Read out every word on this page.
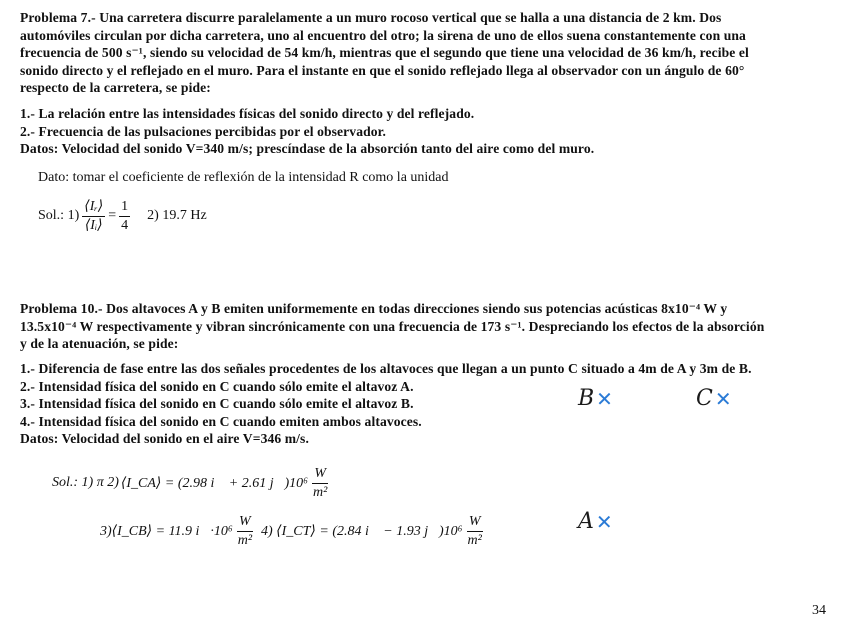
Problema 7.- Una carretera discurre paralelamente a un muro rocoso vertical que se halla a una distancia de 2 km. Dos
automóviles circulan por dicha carretera, uno al encuentro del otro; la sirena de uno de ellos suena constantemente con una
frecuencia de 500 s⁻¹, siendo su velocidad de 54 km/h, mientras que el segundo que tiene una velocidad de 36 km/h, recibe el
sonido directo y el reflejado en el muro. Para el instante en que el sonido reflejado llega al observador con un ángulo de 60°
respecto de la carretera, se pide:
1.- La relación entre las intensidades físicas del sonido directo y del reflejado.
2.- Frecuencia de las pulsaciones percibidas por el observador.
Datos: Velocidad del sonido V=340 m/s; prescíndase de la absorción tanto del aire como del muro.
Dato: tomar el coeficiente de reflexión de la intensidad R como la unidad
Sol.: $1) \frac{\text{⟨Iᵣ⟩}}{\text{⟨Iᵢ⟩}} = \frac{1}{4} 2$) 19.7 Hz
Problema 10.- Dos altavoces A y B emiten uniformemente en todas direcciones siendo sus potencias acústicas 8x10⁻⁴ W y
13.5x10⁻⁴ W respectivamente y vibran sincrónicamente con una frecuencia de 173 s⁻¹. Despreciando los efectos de la absorción
y de la atenuación, se pide:
1.- Diferencia de fase entre las dos señales procedentes de los altavoces que llegan a un punto C situado a 4m de A y 3m de B.
2.- Intensidad física del sonido en C cuando sólo emite el altavoz A.
3.- Intensidad física del sonido en C cuando sólo emite el altavoz B.
4.- Intensidad física del sonido en C cuando emiten ambos altavoces.
Datos: Velocidad del sonido en el aire V=346 m/s.
Sol.: 1) π 2) ⟨I_CA⟩ = (2.98 i⃗ + 2.61 j⃗)10⁶ $\frac{W}{\text{m²}}$
3)⟨I_CB⟩ = 11.9 i⃗·10⁶ $\frac{W}{\text{m²}} 4$) ⟨I_CT⟩ = (2.84 i⃗ − 1.93 j⃗)10⁶ $\frac{W}{\text{m²}}$
B ✕	C ✕
A ✕
34
